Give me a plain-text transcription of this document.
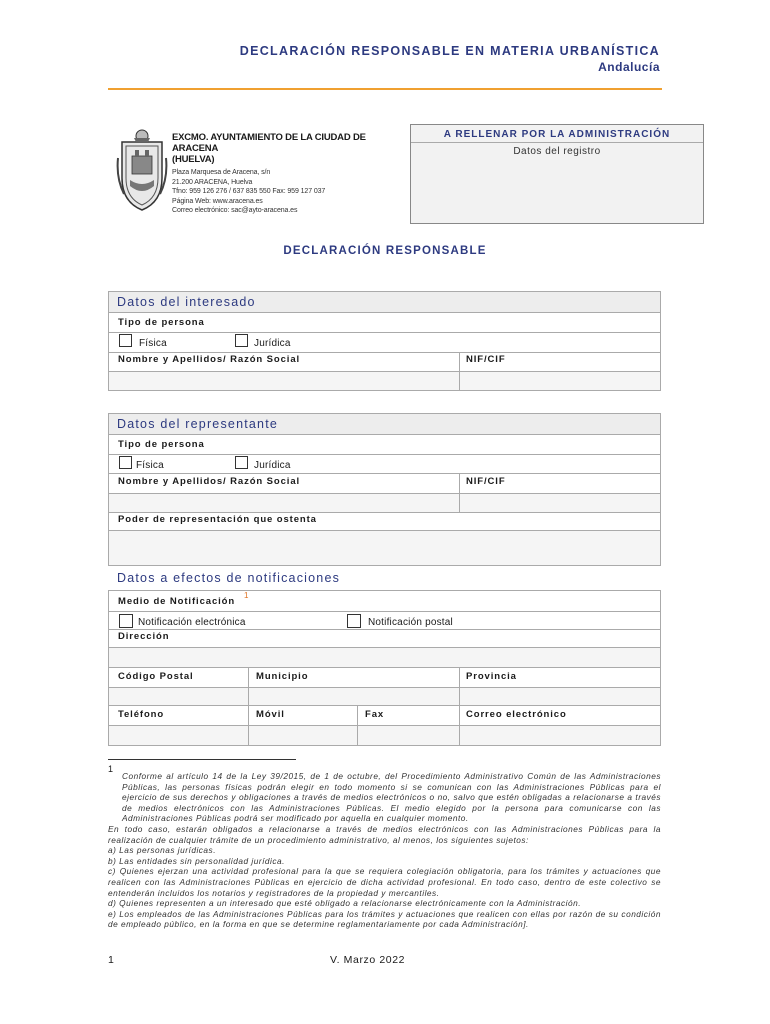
DECLARACIÓN RESPONSABLE EN MATERIA URBANÍSTICA
Andalucía
EXCMO. AYUNTAMIENTO DE LA CIUDAD DE ARACENA
(HUELVA)
Plaza Marquesa de Aracena, s/n
21.200 ARACENA, Huelva
Tfno: 959 126 276 / 637 835 550 Fax: 959 127 037
Página Web: www.aracena.es
Correo electrónico: sac@ayto-aracena.es
A RELLENAR POR LA ADMINISTRACIÓN
Datos del registro
DECLARACIÓN RESPONSABLE
Datos del interesado
Tipo de persona
Física	Jurídica
Nombre y Apellidos/ Razón Social	NIF/CIF
Datos del representante
Tipo de persona
Física	Jurídica
Nombre y Apellidos/ Razón Social	NIF/CIF
Poder de representación que ostenta
Datos a efectos de notificaciones
Medio de Notificación
1
Notificación electrónica	Notificación postal
Dirección
Código Postal	Municipio	Provincia
Teléfono	Móvil	Fax	Correo electrónico
1

Conforme al artículo 14 de la Ley 39/2015, de 1 de octubre, del Procedimiento Administrativo Común de las Administraciones Públicas, las personas físicas podrán elegir en todo momento si se comunican con las Administraciones Públicas para el ejercicio de sus derechos y obligaciones a través de medios electrónicos o no, salvo que estén obligadas a relacionarse a través de medios electrónicos con las Administraciones Públicas. El medio elegido por la persona para comunicarse con las Administraciones Públicas podrá ser modificado por aquella en cualquier momento.

En todo caso, estarán obligados a relacionarse a través de medios electrónicos con las Administraciones Públicas para la realización de cualquier trámite de un procedimiento administrativo, al menos, los siguientes sujetos:

a) Las personas jurídicas.

b) Las entidades sin personalidad jurídica.

c) Quienes ejerzan una actividad profesional para la que se requiera colegiación obligatoria, para los trámites y actuaciones que realicen con las Administraciones Públicas en ejercicio de dicha actividad profesional. En todo caso, dentro de este colectivo se entenderán incluidos los notarios y registradores de la propiedad y mercantiles.

d) Quienes representen a un interesado que esté obligado a relacionarse electrónicamente con la Administración.

e) Los empleados de las Administraciones Públicas para los trámites y actuaciones que realicen con ellas por razón de su condición de empleado público, en la forma en que se determine reglamentariamente por cada Administración].

1	V. Marzo 2022
